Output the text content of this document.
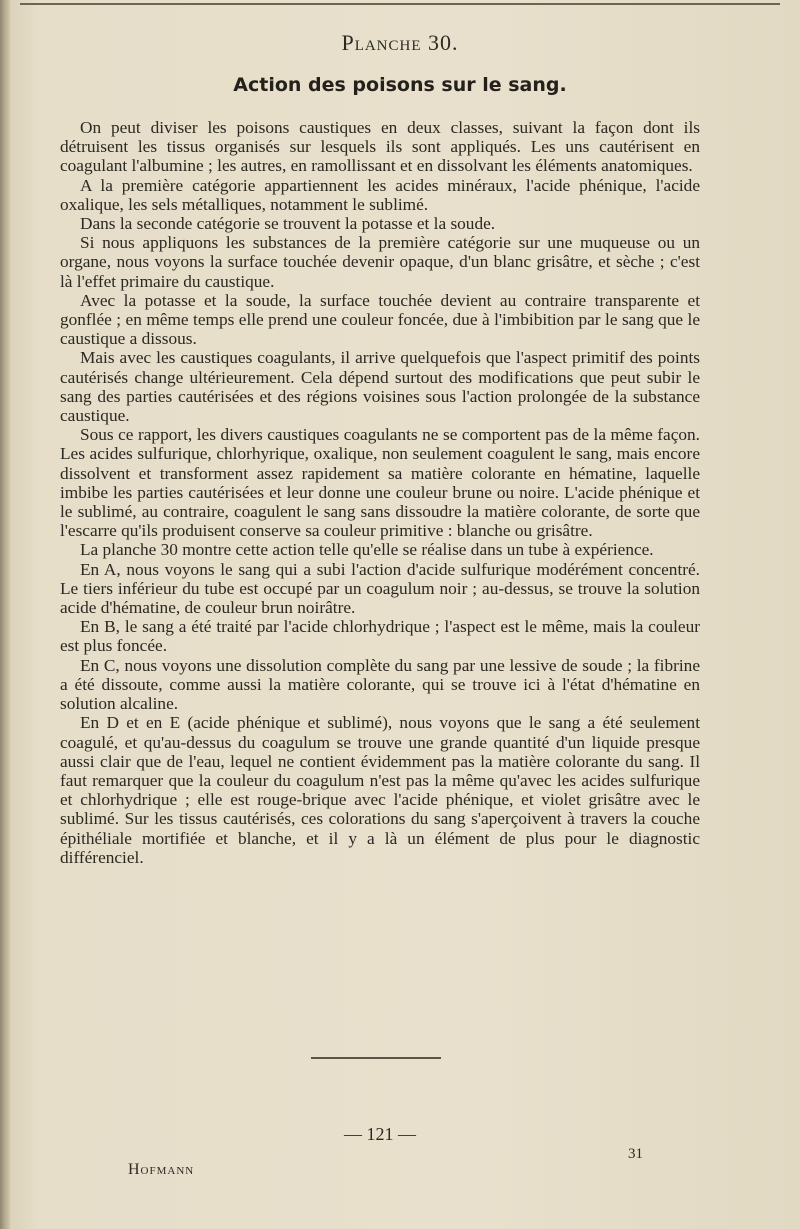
Planche 30.
Action des poisons sur le sang.

On peut diviser les poisons caustiques en deux classes, suivant la façon dont ils détruisent les tissus organisés sur lesquels ils sont appliqués. Les uns cautérisent en coagulant l'albumine ; les autres, en ramollissant et en dissolvant les éléments anatomiques.

A la première catégorie appartiennent les acides minéraux, l'acide phénique, l'acide oxalique, les sels métalliques, notamment le sublimé.

Dans la seconde catégorie se trouvent la potasse et la soude.

Si nous appliquons les substances de la première catégorie sur une muqueuse ou un organe, nous voyons la surface touchée devenir opaque, d'un blanc grisâtre, et sèche ; c'est là l'effet primaire du caustique.

Avec la potasse et la soude, la surface touchée devient au contraire transparente et gonflée ; en même temps elle prend une couleur foncée, due à l'imbibition par le sang que le caustique a dissous.

Mais avec les caustiques coagulants, il arrive quelquefois que l'aspect primitif des points cautérisés change ultérieurement. Cela dépend surtout des modifications que peut subir le sang des parties cautérisées et des régions voisines sous l'action prolongée de la substance caustique.

Sous ce rapport, les divers caustiques coagulants ne se comportent pas de la même façon. Les acides sulfurique, chlorhyrique, oxalique, non seulement coagulent le sang, mais encore dissolvent et transforment assez rapidement sa matière colorante en hématine, laquelle imbibe les parties cautérisées et leur donne une couleur brune ou noire. L'acide phénique et le sublimé, au contraire, coagulent le sang sans dissoudre la matière colorante, de sorte que l'escarre qu'ils produisent conserve sa couleur primitive : blanche ou grisâtre.

La planche 30 montre cette action telle qu'elle se réalise dans un tube à expérience.

En A, nous voyons le sang qui a subi l'action d'acide sulfurique modérément concentré. Le tiers inférieur du tube est occupé par un coagulum noir ; au-dessus, se trouve la solution acide d'hématine, de couleur brun noirâtre.

En B, le sang a été traité par l'acide chlorhydrique ; l'aspect est le même, mais la couleur est plus foncée.

En C, nous voyons une dissolution complète du sang par une lessive de soude ; la fibrine a été dissoute, comme aussi la matière colorante, qui se trouve ici à l'état d'hématine en solution alcaline.

En D et en E (acide phénique et sublimé), nous voyons que le sang a été seulement coagulé, et qu'au-dessus du coagulum se trouve une grande quantité d'un liquide presque aussi clair que de l'eau, lequel ne contient évidemment pas la matière colorante du sang. Il faut remarquer que la couleur du coagulum n'est pas la même qu'avec les acides sulfurique et chlorhydrique ; elle est rouge-brique avec l'acide phénique, et violet grisâtre avec le sublimé. Sur les tissus cautérisés, ces colorations du sang s'aperçoivent à travers la couche épithéliale mortifiée et blanche, et il y a là un élément de plus pour le diagnostic différenciel.

— 121 —
Hofmann
31
